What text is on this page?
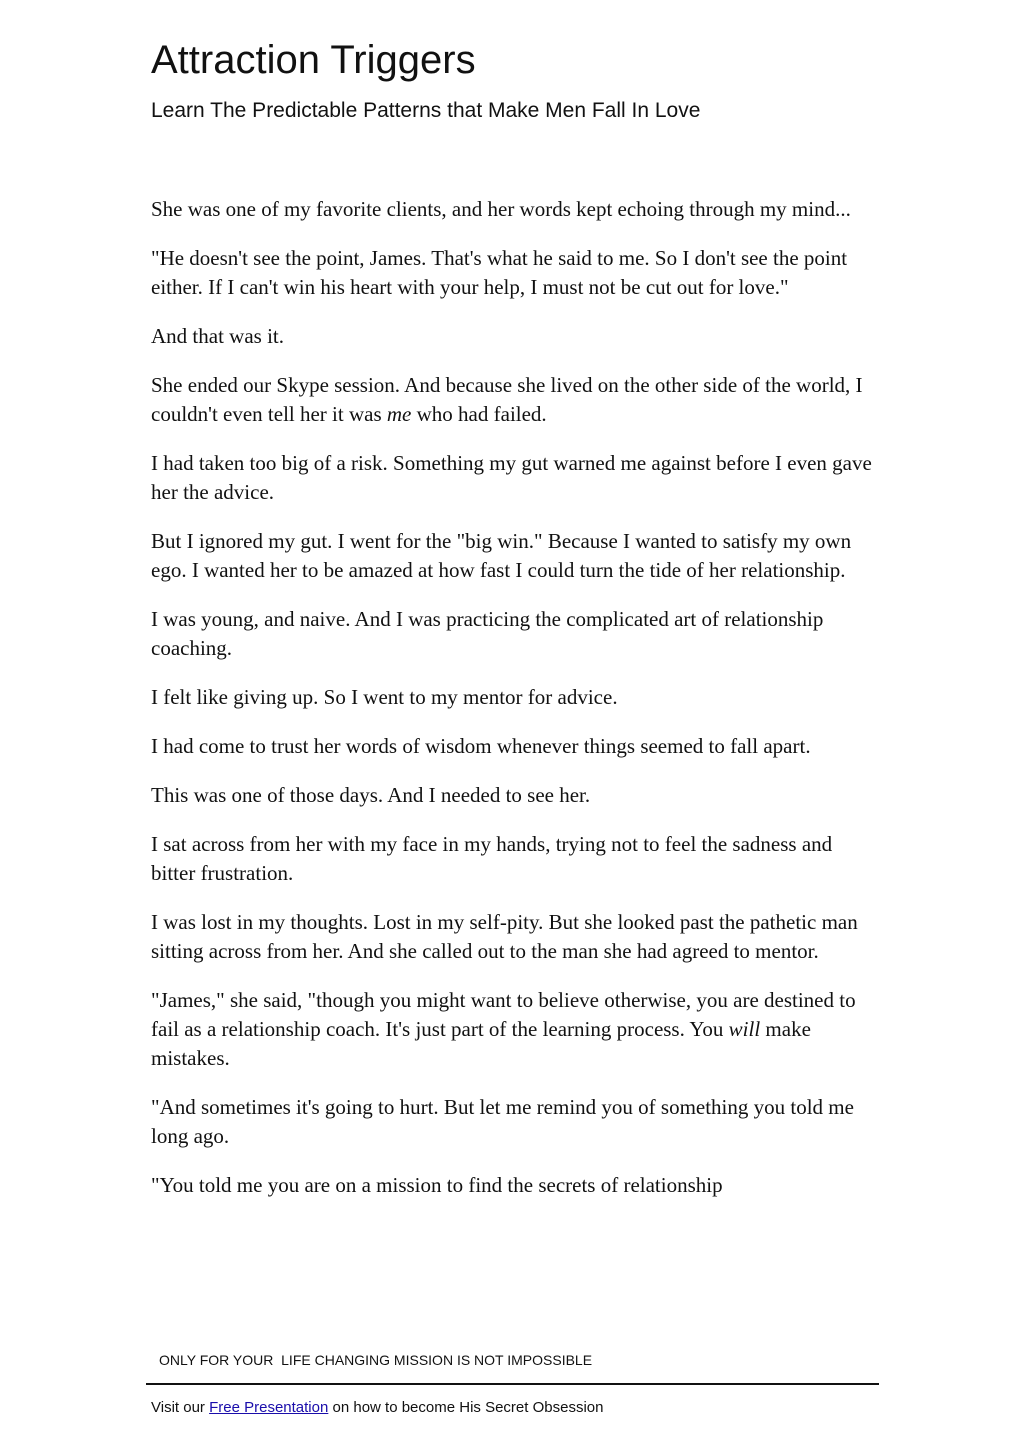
Attraction Triggers
Learn The Predictable Patterns that Make Men Fall In Love

She was one of my favorite clients, and her words kept echoing through my mind...

"He doesn't see the point, James. That's what he said to me. So I don't see the point either. If I can't win his heart with your help, I must not be cut out for love."

And that was it.

She ended our Skype session. And because she lived on the other side of the world, I couldn't even tell her it was me who had failed.

I had taken too big of a risk. Something my gut warned me against before I even gave her the advice.

But I ignored my gut. I went for the "big win." Because I wanted to satisfy my own ego. I wanted her to be amazed at how fast I could turn the tide of her relationship.

I was young, and naive. And I was practicing the complicated art of relationship coaching.

I felt like giving up. So I went to my mentor for advice.

I had come to trust her words of wisdom whenever things seemed to fall apart.

This was one of those days. And I needed to see her.

I sat across from her with my face in my hands, trying not to feel the sadness and bitter frustration.

I was lost in my thoughts. Lost in my self-pity. But she looked past the pathetic man sitting across from her. And she called out to the man she had agreed to mentor.

"James," she said, "though you might want to believe otherwise, you are destined to fail as a relationship coach. It's just part of the learning process. You will make mistakes.

"And sometimes it's going to hurt. But let me remind you of something you told me long ago.

"You told me you are on a mission to find the secrets of relationship

ONLY FOR YOUR  LIFE CHANGING MISSION IS NOT IMPOSSIBLE
Visit our Free Presentation on how to become His Secret Obsession
